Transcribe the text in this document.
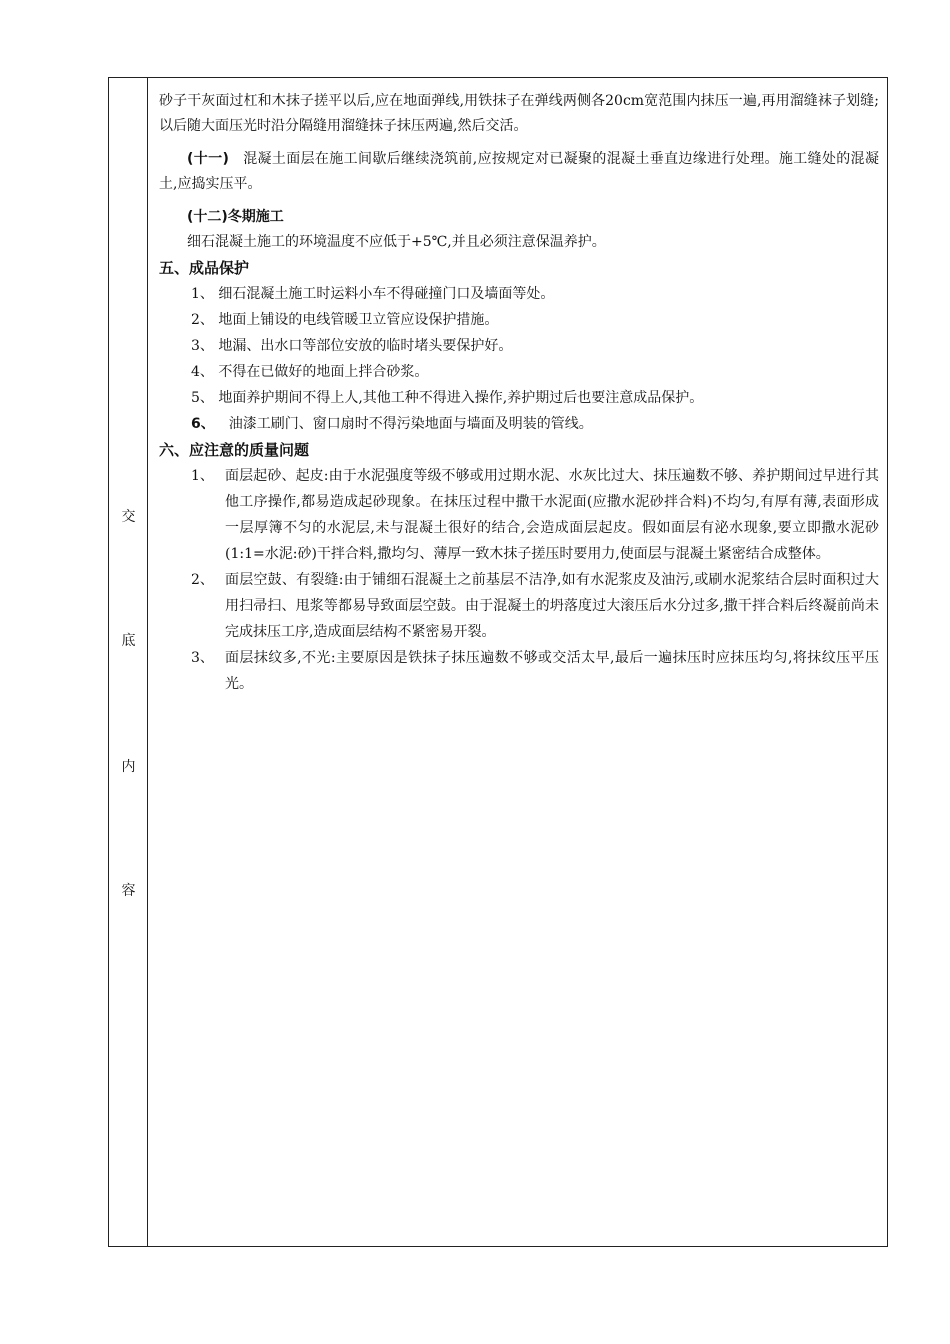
交
底
内
容

砂子干灰面过杠和木抹子搓平以后,应在地面弹线,用铁抹子在弹线两侧各20cm宽范围内抹压一遍,再用溜缝袜子划缝;以后随大面压光时沿分隔缝用溜缝抹子抹压两遍,然后交活。

(十一)  混凝土面层在施工间歇后继续浇筑前,应按规定对已凝聚的混凝土垂直边缘进行处理。施工缝处的混凝土,应捣实压平。

(十二)冬期施工

细石混凝土施工的环境温度不应低于+5℃,并且必须注意保温养护。

五、成品保护

1、 细石混凝土施工时运料小车不得碰撞门口及墙面等处。

2、 地面上铺设的电线管暖卫立管应设保护措施。

3、 地漏、出水口等部位安放的临时堵头要保护好。

4、 不得在已做好的地面上拌合砂浆。

5、 地面养护期间不得上人,其他工种不得进入操作,养护期过后也要注意成品保护。

6、  油漆工刷门、窗口扇时不得污染地面与墙面及明装的管线。

六、应注意的质量问题

1、 面层起砂、起皮:由于水泥强度等级不够或用过期水泥、水灰比过大、抹压遍数不够、养护期间过早进行其他工序操作,都易造成起砂现象。在抹压过程中撒干水泥面(应撒水泥砂拌合料)不均匀,有厚有薄,表面形成一层厚簿不匀的水泥层,未与混凝土很好的结合,会造成面层起皮。假如面层有泌水现象,要立即撒水泥砂(1:1=水泥:砂)干拌合料,撒均匀、薄厚一致木抹子搓压时要用力,使面层与混凝土紧密结合成整体。
2、 面层空鼓、有裂缝:由于铺细石混凝土之前基层不洁净,如有水泥浆皮及油污,或刷水泥浆结合层时面积过大用扫帚扫、甩浆等都易导致面层空鼓。由于混凝土的坍落度过大滚压后水分过多,撒干拌合料后终凝前尚未完成抹压工序,造成面层结构不紧密易开裂。
3、 面层抹纹多,不光:主要原因是铁抹子抹压遍数不够或交活太早,最后一遍抹压时应抹压均匀,将抹纹压平压光。
